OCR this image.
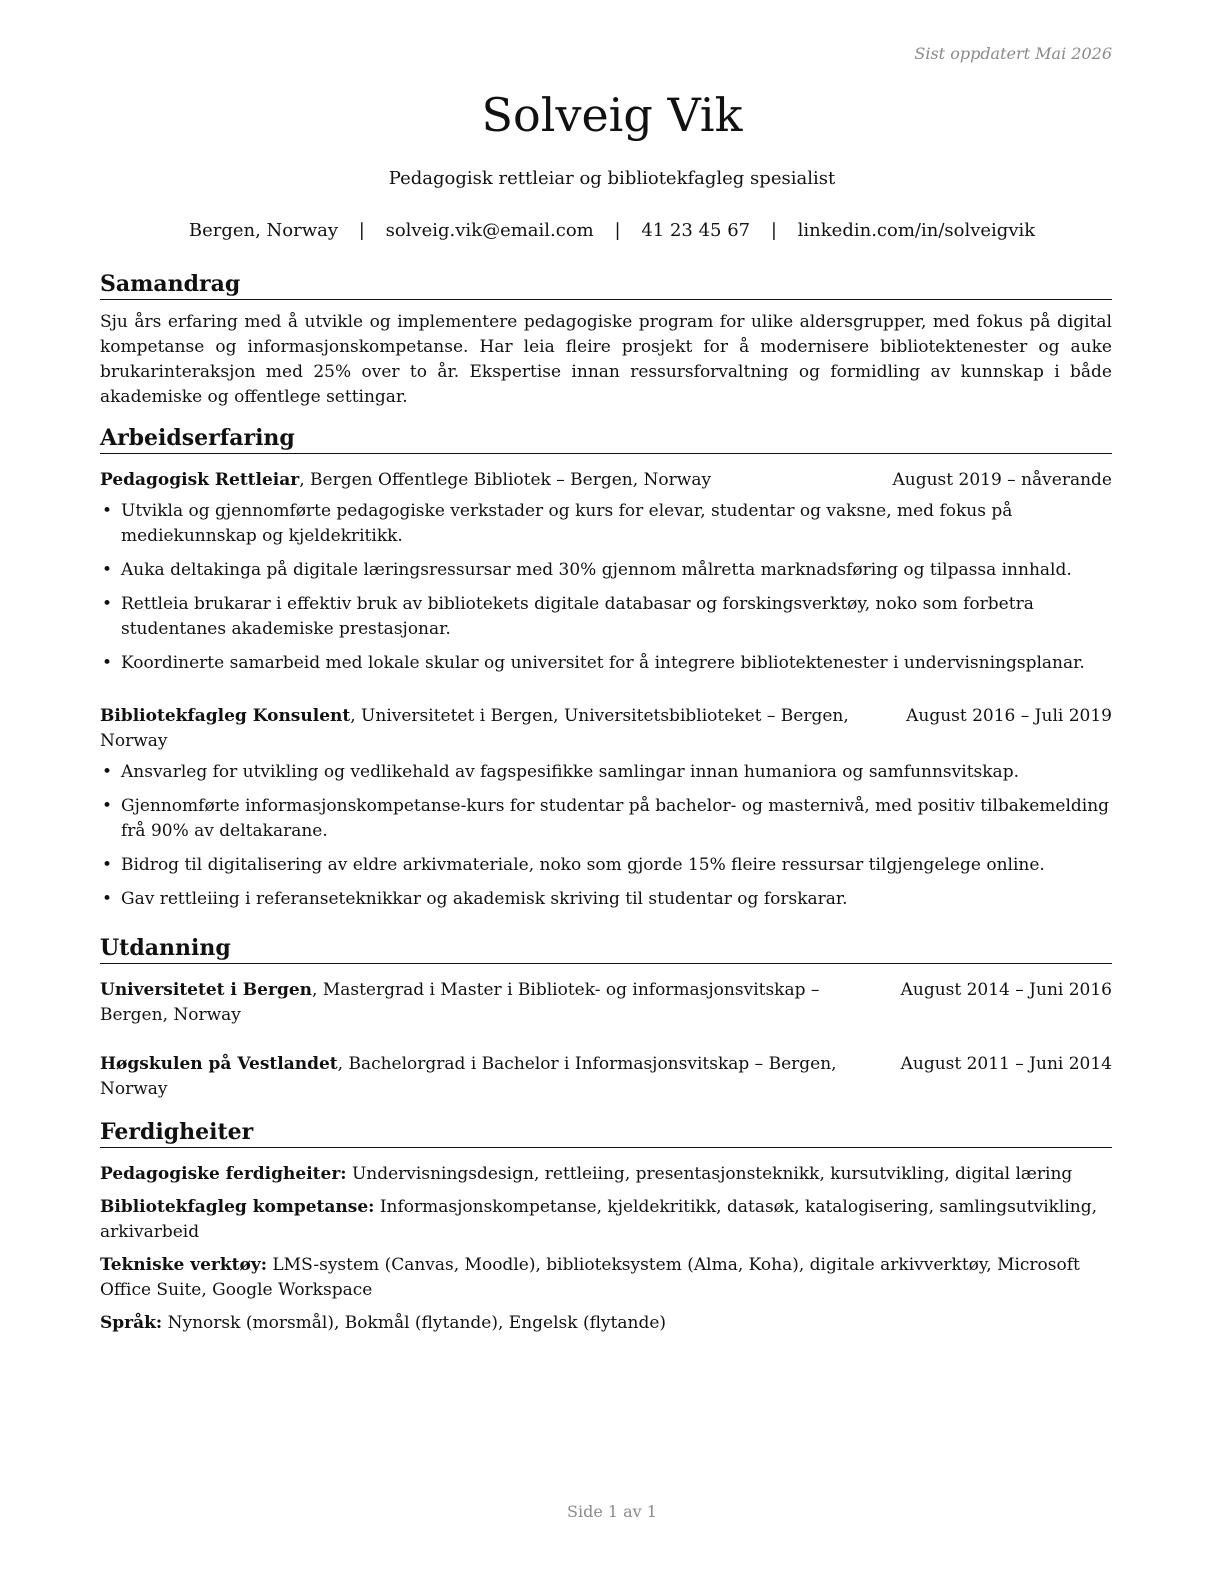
Sist oppdatert Mai 2026
Solveig Vik
Pedagogisk rettleiar og bibliotekfagleg spesialist
Bergen, Norway | solveig.vik@email.com | 41 23 45 67 | linkedin.com/in/solveigvik
Samandrag

Sju års erfaring med å utvikle og implementere pedagogiske program for ulike aldersgrupper, med fokus på digital kompetanse og informasjonskompetanse. Har leia fleire prosjekt for å modernisere bibliotektenester og auke brukarinteraksjon med 25% over to år. Ekspertise innan ressursforvaltning og formidling av kunnskap i både akademiske og offentlege settingar.

Arbeidserfaring
Pedagogisk Rettleiar, Bergen Offentlege Bibliotek – Bergen, Norway	August 2019 – nåverande
• Utvikla og gjennomførte pedagogiske verkstader og kurs for elevar, studentar og vaksne, med fokus på mediekunnskap og kjeldekritikk.
• Auka deltakinga på digitale læringsressursar med 30% gjennom målretta marknadsføring og tilpassa innhald.
• Rettleia brukarar i effektiv bruk av bibliotekets digitale databasar og forskingsverktøy, noko som forbetra studentanes akademiske prestasjonar.
• Koordinerte samarbeid med lokale skular og universitet for å integrere bibliotektenester i undervisningsplanar.
Bibliotekfagleg Konsulent, Universitetet i Bergen, Universitetsbiblioteket – Bergen, Norway
August 2016 – Juli 2019
• Ansvarleg for utvikling og vedlikehald av fagspesifikke samlingar innan humaniora og samfunnsvitskap.
• Gjennomførte informasjonskompetanse-kurs for studentar på bachelor- og masternivå, med positiv tilbakemelding frå 90% av deltakarane.
• Bidrog til digitalisering av eldre arkivmateriale, noko som gjorde 15% fleire ressursar tilgjengelege online.
• Gav rettleiing i referanseteknikkar og akademisk skriving til studentar og forskarar.
Utdanning
Universitetet i Bergen, Mastergrad i Master i Bibliotek- og informasjonsvitskap – Bergen, Norway
August 2014 – Juni 2016
Høgskulen på Vestlandet, Bachelorgrad i Bachelor i Informasjonsvitskap – Bergen, Norway
August 2011 – Juni 2014
Ferdigheiter
Pedagogiske ferdigheiter: Undervisningsdesign, rettleiing, presentasjonsteknikk, kursutvikling, digital læring
Bibliotekfagleg kompetanse: Informasjonskompetanse, kjeldekritikk, datasøk, katalogisering, samlingsutvikling, arkivarbeid
Tekniske verktøy: LMS-system (Canvas, Moodle), biblioteksystem (Alma, Koha), digitale arkivverktøy, Microsoft Office Suite, Google Workspace
Språk: Nynorsk (morsmål), Bokmål (flytande), Engelsk (flytande)
Side 1 av 1
